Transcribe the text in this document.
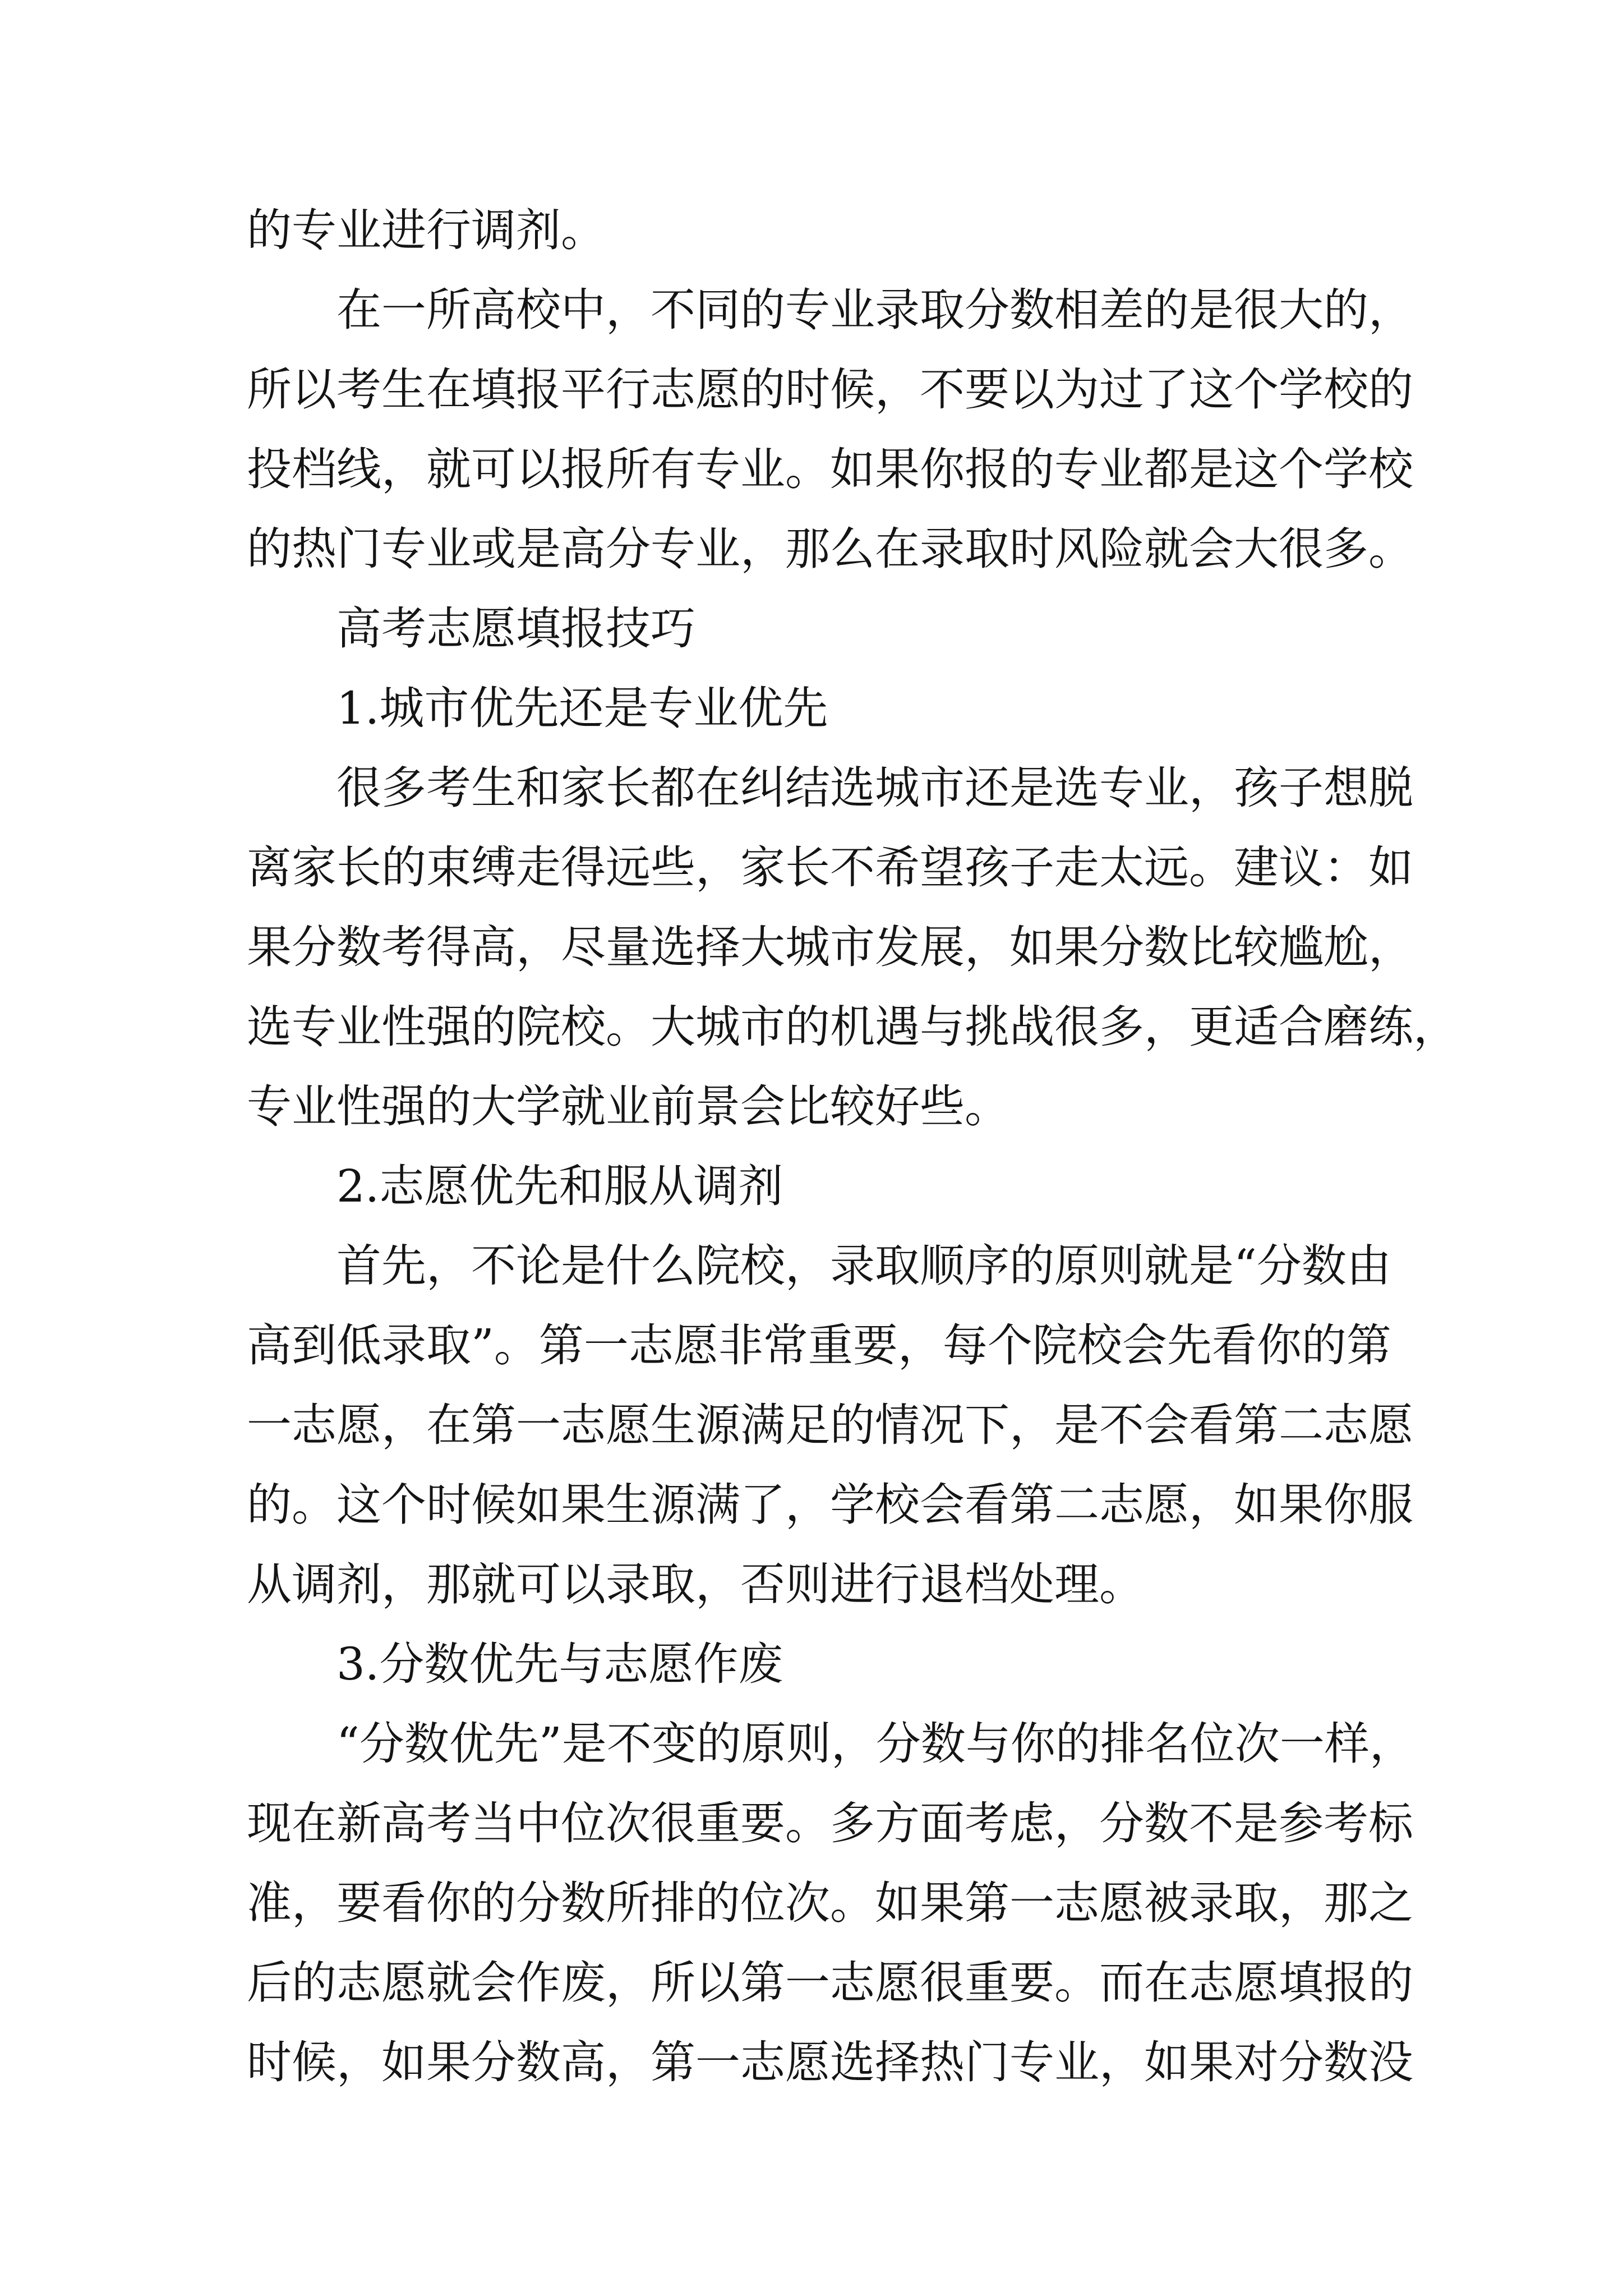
的专业进行调剂。
在 一 所 高 校 中 ， 不 同 的 专 业 录 取 分 数 相 差 的 是 很 大 的 ，
所 以 考 生 在 填 报 平 行 志 愿 的 时 候 ， 不 要 以 为 过 了 这 个 学 校 的
投 档 线 ， 就 可 以 报 所 有 专 业 。 如 果 你 报 的 专 业 都 是 这 个 学 校
的 热 门 专 业 或 是 高 分 专 业 ， 那 么 在 录 取 时 风 险 就 会 大 很 多 。
高考志愿填报技巧
1.城市优先还是专业优先
很 多 考 生 和 家 长 都 在 纠 结 选 城 市 还 是 选 专 业 ， 孩 子 想 脱
离 家 长 的 束 缚 走 得 远 些 ， 家 长 不 希 望 孩 子 走 太 远 。 建 议 ： 如
果 分 数 考 得 高 ， 尽 量 选 择 大 城 市 发 展 ， 如 果 分 数 比 较 尴 尬 ，
选 专 业 性 强 的 院 校 。 大 城 市 的 机 遇 与 挑 战 很 多 ， 更 适 合 磨 练 ，
专业性强的大学就业前景会比较好些。
2.志愿优先和服从调剂
首 先 ， 不 论 是 什 么 院 校 ， 录 取 顺 序 的 原 则 就 是 “ 分 数 由
高 到 低 录 取 ” 。 第 一 志 愿 非 常 重 要 ， 每 个 院 校 会 先 看 你 的 第
一 志 愿 ， 在 第 一 志 愿 生 源 满 足 的 情 况 下 ， 是 不 会 看 第 二 志 愿
的 。 这 个 时 候 如 果 生 源 满 了 ， 学 校 会 看 第 二 志 愿 ， 如 果 你 服
从调剂，那就可以录取，否则进行退档处理。
3.分数优先与志愿作废
“ 分 数 优 先 ” 是 不 变 的 原 则 ， 分 数 与 你 的 排 名 位 次 一 样 ，
现 在 新 高 考 当 中 位 次 很 重 要 。 多 方 面 考 虑 ， 分 数 不 是 参 考 标
准 ， 要 看 你 的 分 数 所 排 的 位 次 。 如 果 第 一 志 愿 被 录 取 ， 那 之
后 的 志 愿 就 会 作 废 ， 所 以 第 一 志 愿 很 重 要 。 而 在 志 愿 填 报 的
时 候 ， 如 果 分 数 高 ， 第 一 志 愿 选 择 热 门 专 业 ， 如 果 对 分 数 没
